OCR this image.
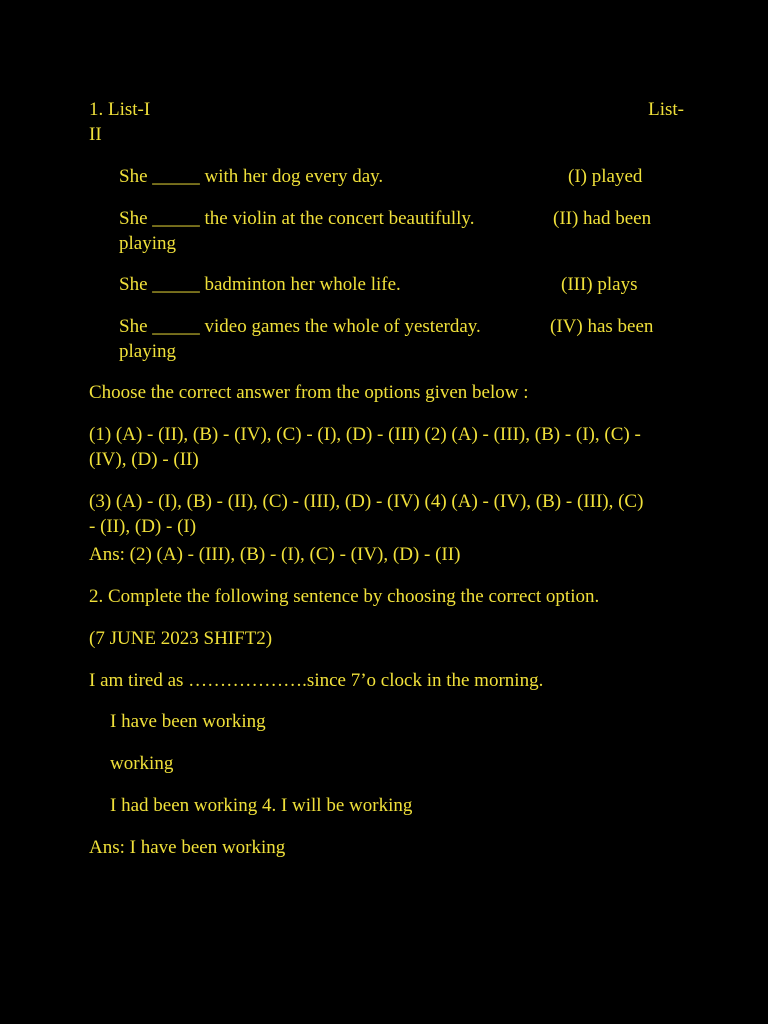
1. List-I	List-
II
She _____ with her dog every day.	(I) played
She _____ the violin at the concert beautifully.	(II) had been
playing
She _____ badminton her whole life.	(III) plays
She _____ video games the whole of yesterday.	(IV) has been
playing
Choose the correct answer from the options given below :
(1) (A) - (II), (B) - (IV), (C) - (I), (D) - (III) (2) (A) - (III), (B) - (I), (C) -
(IV), (D) - (II)
(3) (A) - (I), (B) - (II), (C) - (III), (D) - (IV) (4) (A) - (IV), (B) - (III), (C)
- (II), (D) - (I)
Ans: (2) (A) - (III), (B) - (I), (C) - (IV), (D) - (II)
2. Complete the following sentence by choosing the correct option.
(7 JUNE 2023 SHIFT2)
I am tired as ……………….since 7’o clock in the morning.
I have been working
working
I had been working 4. I will be working
Ans: I have been working
